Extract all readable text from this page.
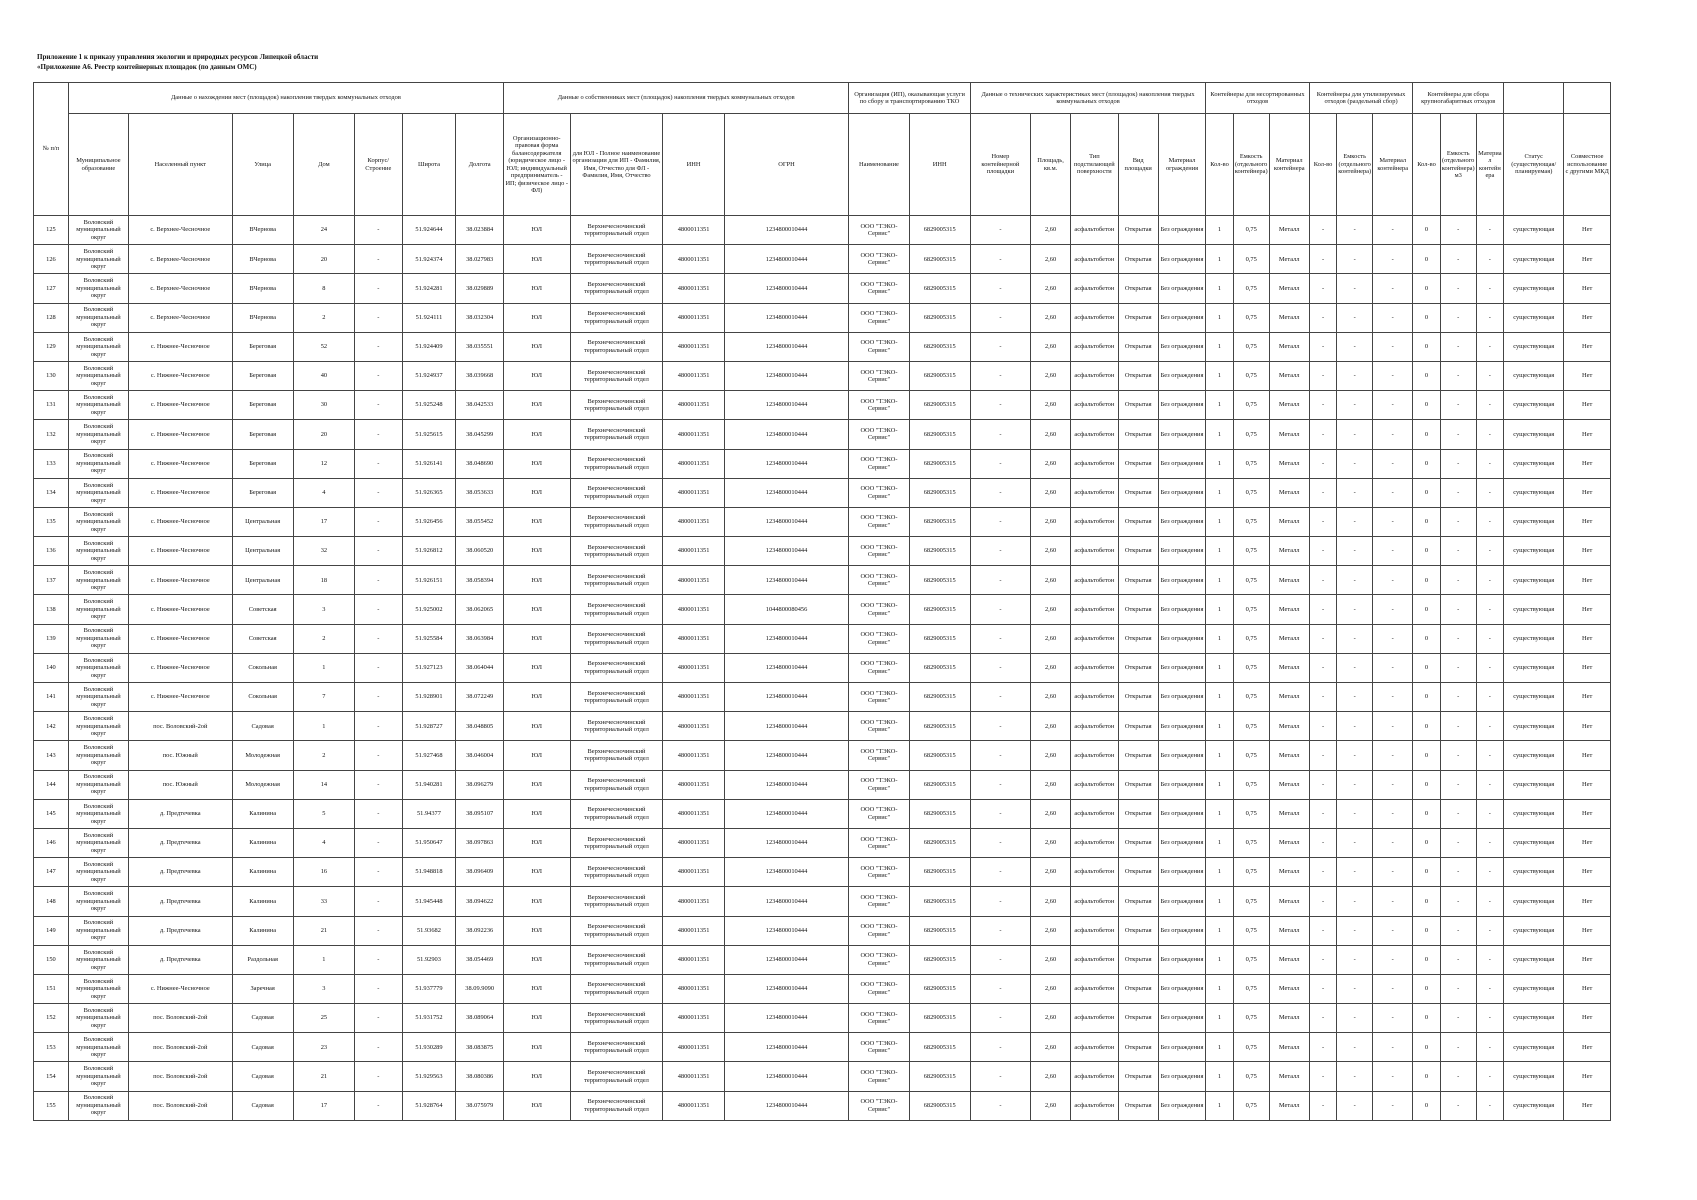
Приложение 1 к приказу управления экологии и природных ресурсов Липецкой области
«Приложение А6. Реестр контейнерных площадок (по данным ОМС)
№ п/п	Данные о нахождении мест (площадок) накопления твердых коммунальных отходов							Данные о собственниках мест (площадок) накопления твердых коммунальных отходов				Организация (ИП), оказывающая услуги по сбору и транспортированию ТКО		Данные о технических характеристиках мест (площадок) накопления твердых коммунальных отходов					Контейнеры для несортированных отходов			Контейнеры для утилизируемых отходов (раздельный сбор)			Контейнеры для сбора крупногабаритных отходов				
	Муниципальное образование	Населенный пункт	Улица	Дом	Корпус/Строение	Широта	Долгота	Организационно-правовая форма балансодержателя (юридическое лицо - ЮЛ; индивидуальный предприниматель - ИП; физическое лицо - ФЛ)	для ЮЛ - Полное наименование организации для ИП - Фамилия, Имя, Отчество для ФЛ - Фамилия, Имя, Отчество	ИНН	ОГРН	Наименование	ИНН	Номер контейнерной площадки	Площадь, кв.м.	Тип подстилающей поверхности	Вид площадки	Материал ограждения	Кол-во	Емкость (отдельного контейнера)	Материал контейнера	Кол-во	Емкость (отдельного контейнера)	Материал контейнера	Кол-во	Емкость (отдельного контейнера) м3	Материал контейнера	Статус (существующая/ планируемая)	Совместное использование с другими МКД
125	Воловский муниципальный округ	с. Верхнее-Чесночное	ВЧернова	24	-	51.924644	38.023884	ЮЛ	Верхнечесночинский территориальный отдел	4800011351	1234800010444	ООО "ТЭКО-Сервис"	6829005315	-	2,60	асфальтобетон	Открытая	Без ограждения	1	0,75	Металл	-	-	-	0	-	-	существующая	Нет
126	Воловский муниципальный округ	с. Верхнее-Чесночное	ВЧернова	20	-	51.924374	38.027983	ЮЛ	Верхнечесночинский территориальный отдел	4800011351	1234800010444	ООО "ТЭКО-Сервис"	6829005315	-	2,60	асфальтобетон	Открытая	Без ограждения	1	0,75	Металл	-	-	-	0	-	-	существующая	Нет
127	Воловский муниципальный округ	с. Верхнее-Чесночное	ВЧернова	8	-	51.924281	38.029889	ЮЛ	Верхнечесночинский территориальный отдел	4800011351	1234800010444	ООО "ТЭКО-Сервис"	6829005315	-	2,60	асфальтобетон	Открытая	Без ограждения	1	0,75	Металл	-	-	-	0	-	-	существующая	Нет
128	Воловский муниципальный округ	с. Верхнее-Чесночное	ВЧернова	2	-	51.924111	38.032304	ЮЛ	Верхнечесночинский территориальный отдел	4800011351	1234800010444	ООО "ТЭКО-Сервис"	6829005315	-	2,60	асфальтобетон	Открытая	Без ограждения	1	0,75	Металл	-	-	-	0	-	-	существующая	Нет
129	Воловский муниципальный округ	с. Нижнее-Чесночное	Береговая	52	-	51.924409	38.035551	ЮЛ	Верхнечесночинский территориальный отдел	4800011351	1234800010444	ООО "ТЭКО-Сервис"	6829005315	-	2,60	асфальтобетон	Открытая	Без ограждения	1	0,75	Металл	-	-	-	0	-	-	существующая	Нет
130	Воловский муниципальный округ	с. Нижнее-Чесночное	Береговая	40	-	51.924937	38.039668	ЮЛ	Верхнечесночинский территориальный отдел	4800011351	1234800010444	ООО "ТЭКО-Сервис"	6829005315	-	2,60	асфальтобетон	Открытая	Без ограждения	1	0,75	Металл	-	-	-	0	-	-	существующая	Нет
131	Воловский муниципальный округ	с. Нижнее-Чесночное	Береговая	30	-	51.925248	38.042533	ЮЛ	Верхнечесночинский территориальный отдел	4800011351	1234800010444	ООО "ТЭКО-Сервис"	6829005315	-	2,60	асфальтобетон	Открытая	Без ограждения	1	0,75	Металл	-	-	-	0	-	-	существующая	Нет
132	Воловский муниципальный округ	с. Нижнее-Чесночное	Береговая	20	-	51.925615	38.045299	ЮЛ	Верхнечесночинский территориальный отдел	4800011351	1234800010444	ООО "ТЭКО-Сервис"	6829005315	-	2,60	асфальтобетон	Открытая	Без ограждения	1	0,75	Металл	-	-	-	0	-	-	существующая	Нет
133	Воловский муниципальный округ	с. Нижнее-Чесночное	Береговая	12	-	51.926141	38.048690	ЮЛ	Верхнечесночинский территориальный отдел	4800011351	1234800010444	ООО "ТЭКО-Сервис"	6829005315	-	2,60	асфальтобетон	Открытая	Без ограждения	1	0,75	Металл	-	-	-	0	-	-	существующая	Нет
134	Воловский муниципальный округ	с. Нижнее-Чесночное	Береговая	4	-	51.926365	38.053633	ЮЛ	Верхнечесночинский территориальный отдел	4800011351	1234800010444	ООО "ТЭКО-Сервис"	6829005315	-	2,60	асфальтобетон	Открытая	Без ограждения	1	0,75	Металл	-	-	-	0	-	-	существующая	Нет
135	Воловский муниципальный округ	с. Нижнее-Чесночное	Центральная	17	-	51.926456	38.055452	ЮЛ	Верхнечесночинский территориальный отдел	4800011351	1234800010444	ООО "ТЭКО-Сервис"	6829005315	-	2,60	асфальтобетон	Открытая	Без ограждения	1	0,75	Металл	-	-	-	0	-	-	существующая	Нет
136	Воловский муниципальный округ	с. Нижнее-Чесночное	Центральная	32	-	51.926812	38.060520	ЮЛ	Верхнечесночинский территориальный отдел	4800011351	1234800010444	ООО "ТЭКО-Сервис"	6829005315	-	2,60	асфальтобетон	Открытая	Без ограждения	1	0,75	Металл	-	-	-	0	-	-	существующая	Нет
137	Воловский муниципальный округ	с. Нижнее-Чесночное	Центральная	18	-	51.926151	38.058394	ЮЛ	Верхнечесночинский территориальный отдел	4800011351	1234800010444	ООО "ТЭКО-Сервис"	6829005315	-	2,60	асфальтобетон	Открытая	Без ограждения	1	0,75	Металл	-	-	-	0	-	-	существующая	Нет
138	Воловский муниципальный округ	с. Нижнее-Чесночное	Советская	3	-	51.925002	38.062065	ЮЛ	Верхнечесночинский территориальный отдел	4800011351	1044800080456	ООО "ТЭКО-Сервис"	6829005315	-	2,60	асфальтобетон	Открытая	Без ограждения	1	0,75	Металл	-	-	-	0	-	-	существующая	Нет
139	Воловский муниципальный округ	с. Нижнее-Чесночное	Советская	2	-	51.925584	38.063984	ЮЛ	Верхнечесночинский территориальный отдел	4800011351	1234800010444	ООО "ТЭКО-Сервис"	6829005315	-	2,60	асфальтобетон	Открытая	Без ограждения	1	0,75	Металл	-	-	-	0	-	-	существующая	Нет
140	Воловский муниципальный округ	с. Нижнее-Чесночное	Сокольная	1	-	51.927123	38.064044	ЮЛ	Верхнечесночинский территориальный отдел	4800011351	1234800010444	ООО "ТЭКО-Сервис"	6829005315	-	2,60	асфальтобетон	Открытая	Без ограждения	1	0,75	Металл	-	-	-	0	-	-	существующая	Нет
141	Воловский муниципальный округ	с. Нижнее-Чесночное	Сокольная	7	-	51.928901	38.072249	ЮЛ	Верхнечесночинский территориальный отдел	4800011351	1234800010444	ООО "ТЭКО-Сервис"	6829005315	-	2,60	асфальтобетон	Открытая	Без ограждения	1	0,75	Металл	-	-	-	0	-	-	существующая	Нет
142	Воловский муниципальный округ	пос. Воловский-2ой	Садовая	1	-	51.928727	38.048805	ЮЛ	Верхнечесночинский территориальный отдел	4800011351	1234800010444	ООО "ТЭКО-Сервис"	6829005315	-	2,60	асфальтобетон	Открытая	Без ограждения	1	0,75	Металл	-	-	-	0	-	-	существующая	Нет
143	Воловский муниципальный округ	пос. Южный	Молодежная	2	-	51.927468	38.046004	ЮЛ	Верхнечесночинский территориальный отдел	4800011351	1234800010444	ООО "ТЭКО-Сервис"	6829005315	-	2,60	асфальтобетон	Открытая	Без ограждения	1	0,75	Металл	-	-	-	0	-	-	существующая	Нет
144	Воловский муниципальный округ	пос. Южный	Молодежная	14	-	51.940281	38.096279	ЮЛ	Верхнечесночинский территориальный отдел	4800011351	1234800010444	ООО "ТЭКО-Сервис"	6829005315	-	2,60	асфальтобетон	Открытая	Без ограждения	1	0,75	Металл	-	-	-	0	-	-	существующая	Нет
145	Воловский муниципальный округ	д. Предтечевка	Калинина	5	-	51.94377	38.095107	ЮЛ	Верхнечесночинский территориальный отдел	4800011351	1234800010444	ООО "ТЭКО-Сервис"	6829005315	-	2,60	асфальтобетон	Открытая	Без ограждения	1	0,75	Металл	-	-	-	0	-	-	существующая	Нет
146	Воловский муниципальный округ	д. Предтечевка	Калинина	4	-	51.950647	38.097863	ЮЛ	Верхнечесночинский территориальный отдел	4800011351	1234800010444	ООО "ТЭКО-Сервис"	6829005315	-	2,60	асфальтобетон	Открытая	Без ограждения	1	0,75	Металл	-	-	-	0	-	-	существующая	Нет
147	Воловский муниципальный округ	д. Предтечевка	Калинина	16	-	51.948818	38.096409	ЮЛ	Верхнечесночинский территориальный отдел	4800011351	1234800010444	ООО "ТЭКО-Сервис"	6829005315	-	2,60	асфальтобетон	Открытая	Без ограждения	1	0,75	Металл	-	-	-	0	-	-	существующая	Нет
148	Воловский муниципальный округ	д. Предтечевка	Калинина	33	-	51.945448	38.094622	ЮЛ	Верхнечесночинский территориальный отдел	4800011351	1234800010444	ООО "ТЭКО-Сервис"	6829005315	-	2,60	асфальтобетон	Открытая	Без ограждения	1	0,75	Металл	-	-	-	0	-	-	существующая	Нет
149	Воловский муниципальный округ	д. Предтечевка	Калинина	21	-	51.93682	38.092236	ЮЛ	Верхнечесночинский территориальный отдел	4800011351	1234800010444	ООО "ТЭКО-Сервис"	6829005315	-	2,60	асфальтобетон	Открытая	Без ограждения	1	0,75	Металл	-	-	-	0	-	-	существующая	Нет
150	Воловский муниципальный округ	д. Предтечевка	Раздольная	1	-	51.92903	38.054469	ЮЛ	Верхнечесночинский территориальный отдел	4800011351	1234800010444	ООО "ТЭКО-Сервис"	6829005315	-	2,60	асфальтобетон	Открытая	Без ограждения	1	0,75	Металл	-	-	-	0	-	-	существующая	Нет
151	Воловский муниципальный округ	с. Нижнее-Чесночное	Заречная	3	-	51.937779	38.09.9090	ЮЛ	Верхнечесночинский территориальный отдел	4800011351	1234800010444	ООО "ТЭКО-Сервис"	6829005315	-	2,60	асфальтобетон	Открытая	Без ограждения	1	0,75	Металл	-	-	-	0	-	-	существующая	Нет
152	Воловский муниципальный округ	пос. Воловский-2ой	Садовая	25	-	51.931752	38.089064	ЮЛ	Верхнечесночинский территориальный отдел	4800011351	1234800010444	ООО "ТЭКО-Сервис"	6829005315	-	2,60	асфальтобетон	Открытая	Без ограждения	1	0,75	Металл	-	-	-	0	-	-	существующая	Нет
153	Воловский муниципальный округ	пос. Воловский-2ой	Садовая	23	-	51.930289	38.083875	ЮЛ	Верхнечесночинский территориальный отдел	4800011351	1234800010444	ООО "ТЭКО-Сервис"	6829005315	-	2,60	асфальтобетон	Открытая	Без ограждения	1	0,75	Металл	-	-	-	0	-	-	существующая	Нет
154	Воловский муниципальный округ	пос. Воловский-2ой	Садовая	21	-	51.929563	38.080386	ЮЛ	Верхнечесночинский территориальный отдел	4800011351	1234800010444	ООО "ТЭКО-Сервис"	6829005315	-	2,60	асфальтобетон	Открытая	Без ограждения	1	0,75	Металл	-	-	-	0	-	-	существующая	Нет
155	Воловский муниципальный округ	пос. Воловский-2ой	Садовая	17	-	51.928764	38.075979	ЮЛ	Верхнечесночинский территориальный отдел	4800011351	1234800010444	ООО "ТЭКО-Сервис"	6829005315	-	2,60	асфальтобетон	Открытая	Без ограждения	1	0,75	Металл	-	-	-	0	-	-	существующая	Нет
